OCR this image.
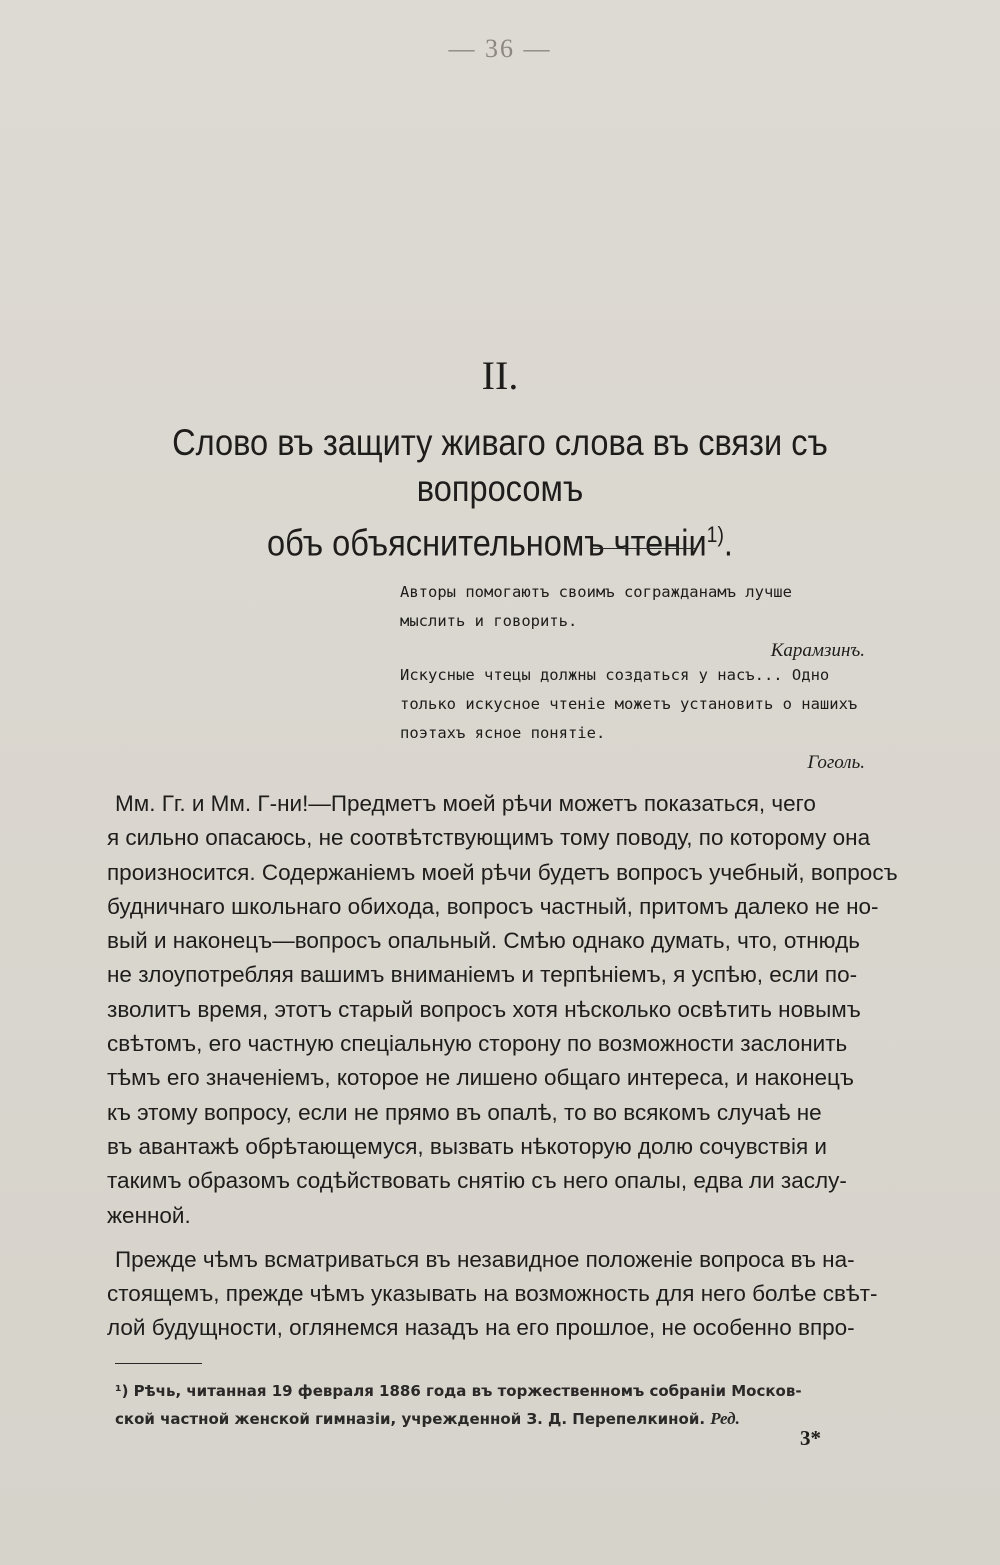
— 36 —
II.
Слово въ защиту живаго слова въ связи съ вопросомъ
объ объяснительномъ чтеніи$^{1)}$.
Авторы помогаютъ своимъ согражданамъ лучше
мыслить и говорить.
Карамзинъ.
Искусные чтецы должны создаться у насъ... Одно
только искусное чтеніе можетъ установить о нашихъ
поэтахъ ясное понятіе.
Гоголь.
Мм. Гг. и Мм. Г-ни!—Предметъ моей рѣчи можетъ показаться, чего
я сильно опасаюсь, не соотвѣтствующимъ тому поводу, по которому она
произносится. Содержаніемъ моей рѣчи будетъ вопросъ учебный, вопросъ
будничнаго школьнаго обихода, вопросъ частный, притомъ далеко не но-
вый и наконецъ—вопросъ опальный. Смѣю однако думать, что, отнюдь
не злоупотребляя вашимъ вниманіемъ и терпѣніемъ, я успѣю, если по-
зволитъ время, этотъ старый вопросъ хотя нѣсколько освѣтить новымъ
свѣтомъ, его частную спеціальную сторону по возможности заслонить
тѣмъ его значеніемъ, которое не лишено общаго интереса, и наконецъ
къ этому вопросу, если не прямо въ опалѣ, то во всякомъ случаѣ не
въ авантажѣ обрѣтающемуся, вызвать нѣкоторую долю сочувствія и
такимъ образомъ содѣйствовать снятію съ него опалы, едва ли заслу-
женной.
Прежде чѣмъ всматриваться въ незавидное положеніе вопроса въ на-
стоящемъ, прежде чѣмъ указывать на возможность для него болѣе свѣт-
лой будущности, оглянемся назадъ на его прошлое, не особенно впро-
¹) Рѣчь, читанная 19 февраля 1886 года въ торжественномъ собраніи Москов-
ской частной женской гимназіи, учрежденной З. Д. Перепелкиной. Ред.
3*
